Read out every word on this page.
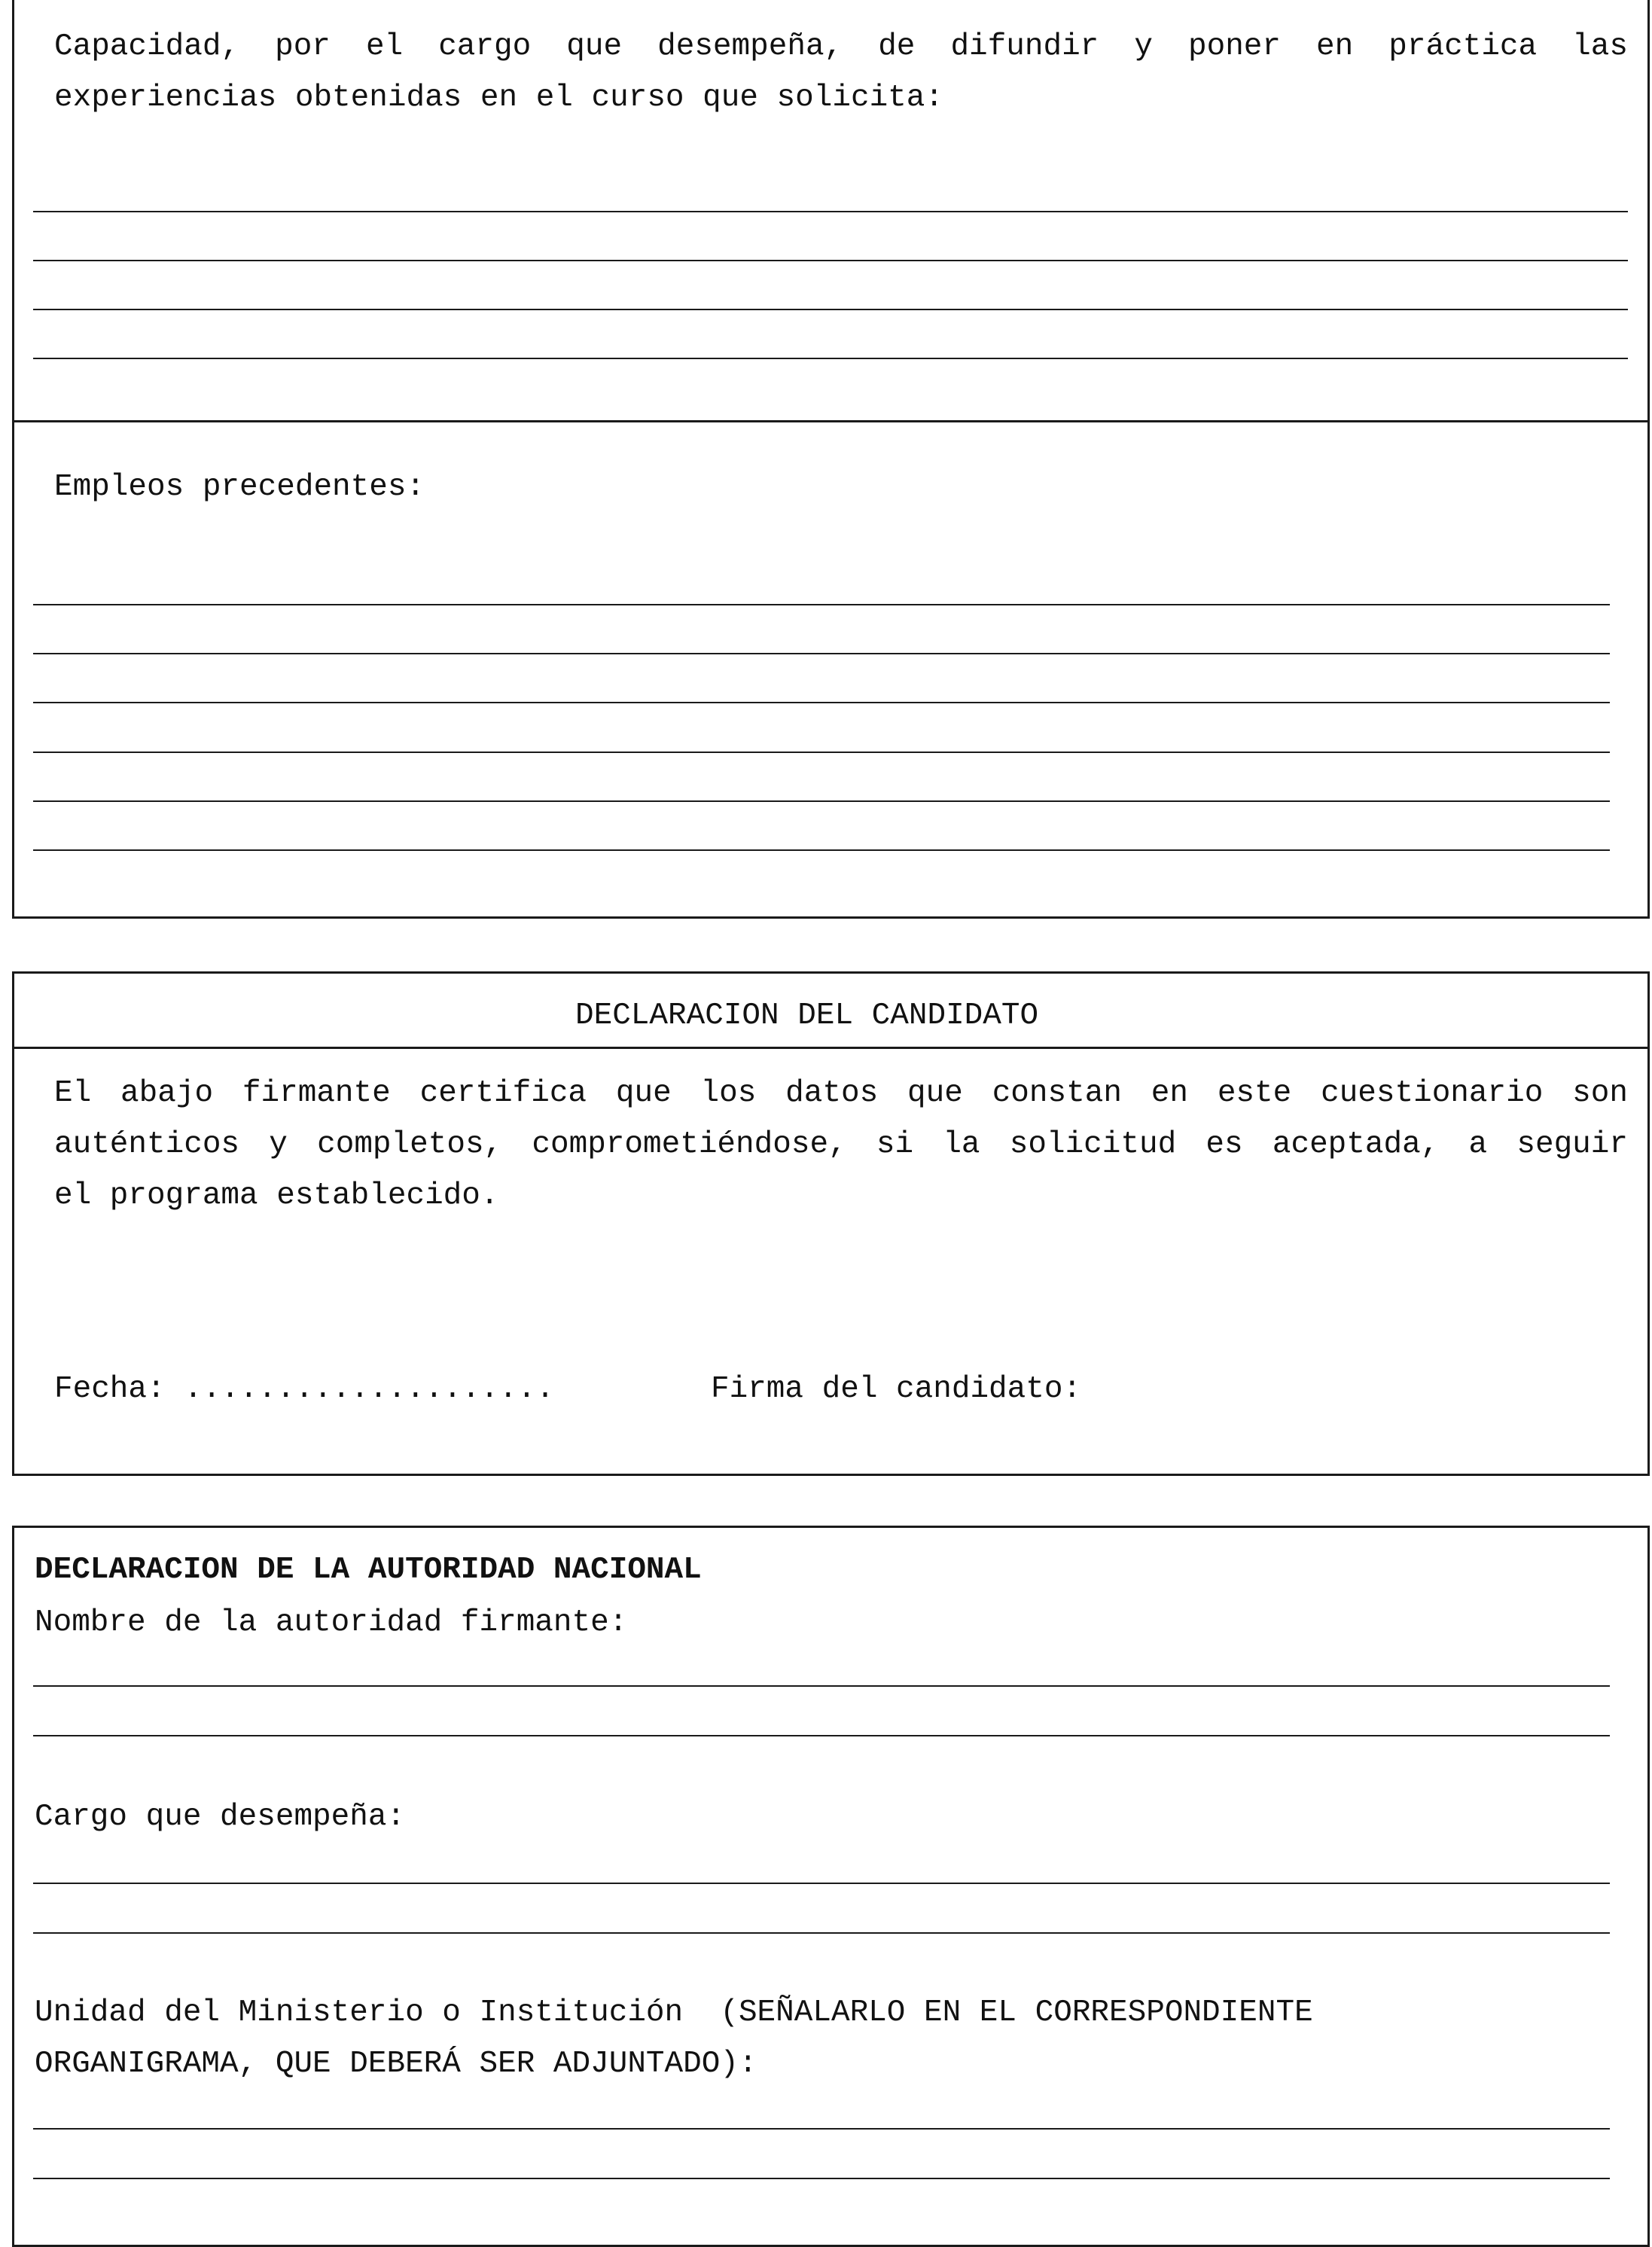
Capacidad, por el cargo que desempeña, de difundir y poner en práctica las
experiencias obtenidas en el curso que solicita:

Empleos precedentes:

DECLARACION DEL CANDIDATO

El abajo firmante certifica que los datos que constan en este cuestionario son
auténticos y completos, comprometiéndose, si la solicitud es aceptada, a seguir
el programa establecido.

Fecha: ....................	Firma del candidato:

DECLARACION DE LA AUTORIDAD NACIONAL

Nombre de la autoridad firmante:

Cargo que desempeña:

Unidad del Ministerio o Institución  (SEÑALARLO EN EL CORRESPONDIENTE

ORGANIGRAMA, QUE DEBERÁ SER ADJUNTADO):
